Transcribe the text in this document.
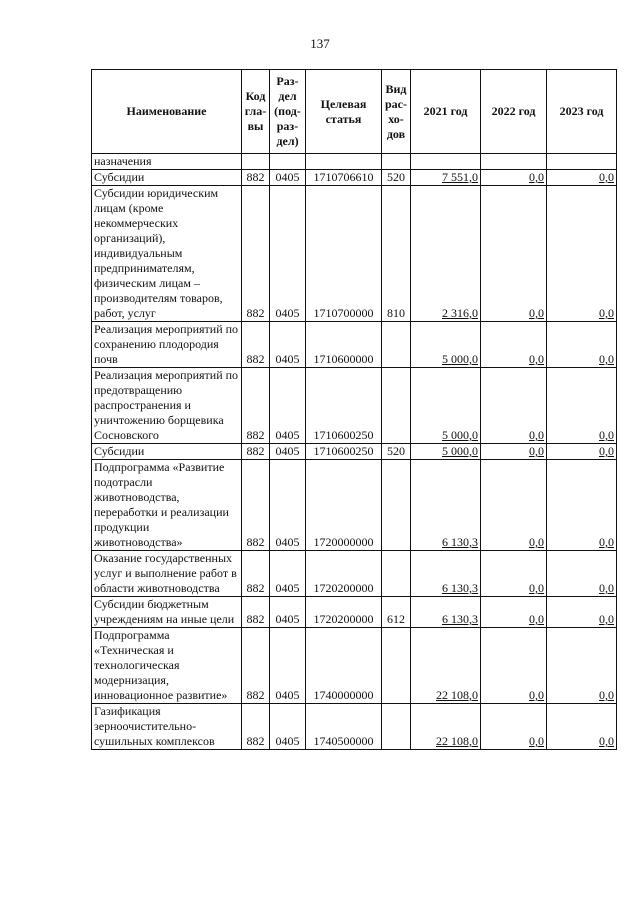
137
Наименование	Код гла- вы	Раз- дел (под- раз- дел)	Целевая статья	Вид рас- хо- дов	2021 год	2022 год	2023 год
назначения							
Субсидии	882	0405	1710706610	520	7 551,0	0,0	0,0
Субсидии юридическим лицам (кроме некоммерческих организаций), индивидуальным предпринимателям, физическим лицам – производителям товаров, работ, услуг	882	0405	1710700000	810	2 316,0	0,0	0,0
Реализация мероприятий по сохранению плодородия почв	882	0405	1710600000		5 000,0	0,0	0,0
Реализация мероприятий по предотвращению распространения и уничтожению борщевика Сосновского	882	0405	1710600250		5 000,0	0,0	0,0
Субсидии	882	0405	1710600250	520	5 000,0	0,0	0,0
Подпрограмма «Развитие подотрасли животноводства, переработки и реализации продукции животноводства»	882	0405	1720000000		6 130,3	0,0	0,0
Оказание государственных услуг и выполнение работ в области животноводства	882	0405	1720200000		6 130,3	0,0	0,0
Субсидии бюджетным учреждениям на иные цели	882	0405	1720200000	612	6 130,3	0,0	0,0
Подпрограмма «Техническая и технологическая модернизация, инновационное развитие»	882	0405	1740000000		22 108,0	0,0	0,0
Газификация зерноочистительно-сушильных комплексов	882	0405	1740500000		22 108,0	0,0	0,0
